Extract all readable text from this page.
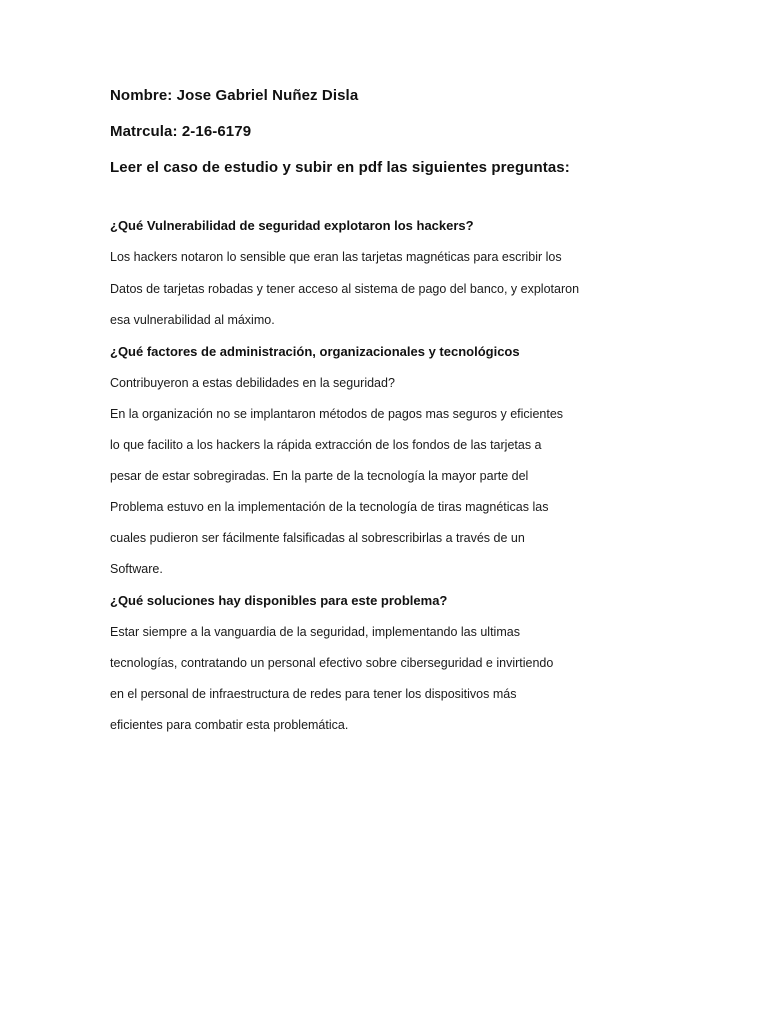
Nombre: Jose Gabriel Nuñez Disla
Matrcula: 2-16-6179
Leer el caso de estudio y subir en pdf las siguientes preguntas:
¿Qué Vulnerabilidad de seguridad explotaron los hackers?
Los hackers notaron lo sensible que eran las tarjetas magnéticas para escribir los
Datos de tarjetas robadas y tener acceso al sistema de pago del banco, y explotaron
esa vulnerabilidad al máximo.
¿Qué factores de administración, organizacionales y tecnológicos
Contribuyeron a estas debilidades en la seguridad?
En la organización no se implantaron métodos de pagos mas seguros y eficientes
lo que facilito a los hackers la rápida extracción de los fondos de las tarjetas a
pesar de estar sobregiradas. En la parte de la tecnología la mayor parte del
Problema estuvo en la implementación de la tecnología de tiras magnéticas las
cuales pudieron ser fácilmente falsificadas al sobrescribirlas a través de un
Software.
¿Qué soluciones hay disponibles para este problema?
Estar siempre a la vanguardia de la seguridad, implementando las ultimas
tecnologías, contratando un personal efectivo sobre ciberseguridad e invirtiendo
en el personal de infraestructura de redes para tener los dispositivos más
eficientes para combatir esta problemática.
